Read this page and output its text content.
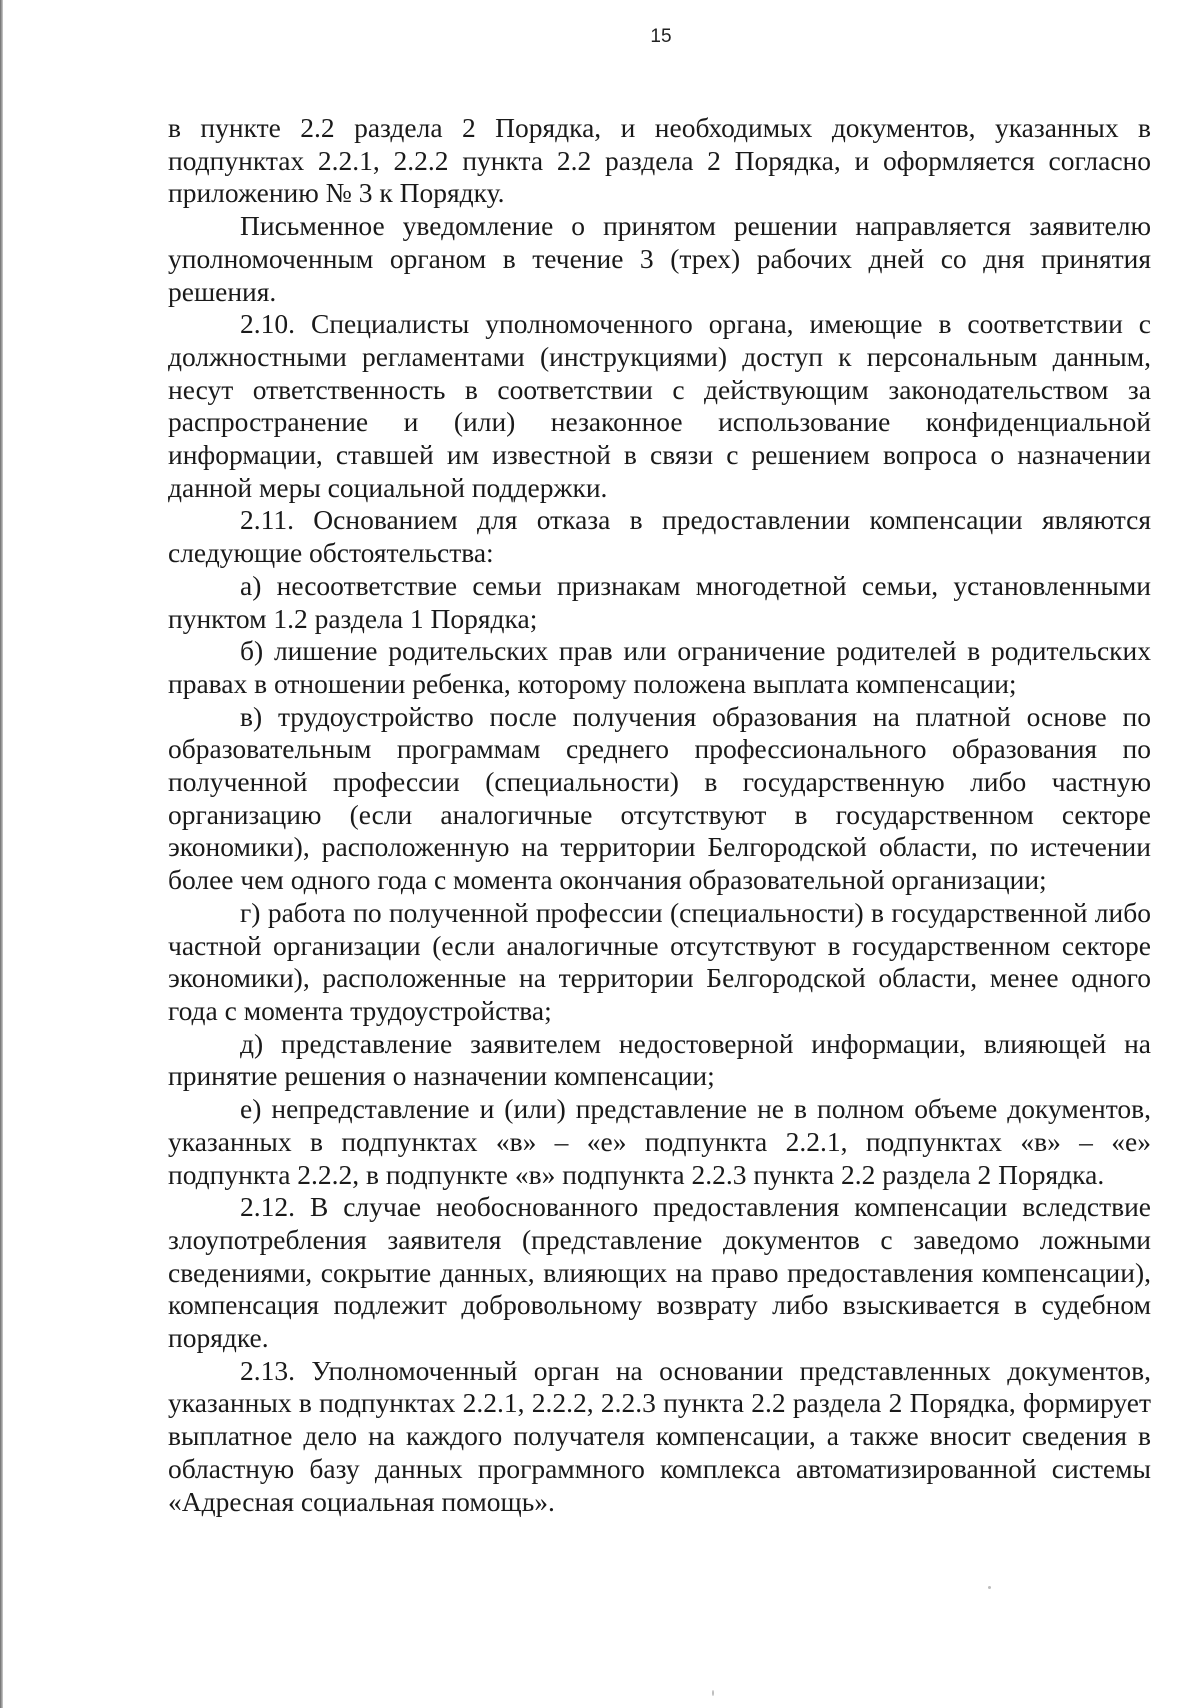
15

в пункте 2.2 раздела 2 Порядка, и необходимых документов, указанных в подпунктах 2.2.1, 2.2.2 пункта 2.2 раздела 2 Порядка, и оформляется согласно приложению № 3 к Порядку.

Письменное уведомление о принятом решении направляется заявителю уполномоченным органом в течение 3 (трех) рабочих дней со дня принятия решения.

2.10. Специалисты уполномоченного органа, имеющие в соответствии с должностными регламентами (инструкциями) доступ к персональным данным, несут ответственность в соответствии с действующим законодательством за распространение и (или) незаконное использование конфиденциальной информации, ставшей им известной в связи с решением вопроса о назначении данной меры социальной поддержки.

2.11. Основанием для отказа в предоставлении компенсации являются следующие обстоятельства:

а) несоответствие семьи признакам многодетной семьи, установленными пунктом 1.2 раздела 1 Порядка;

б) лишение родительских прав или ограничение родителей в родительских правах в отношении ребенка, которому положена выплата компенсации;

в) трудоустройство после получения образования на платной основе по образовательным программам среднего профессионального образования по полученной профессии (специальности) в государственную либо частную организацию (если аналогичные отсутствуют в государственном секторе экономики), расположенную на территории Белгородской области, по истечении более чем одного года с момента окончания образовательной организации;

г) работа по полученной профессии (специальности) в государственной либо частной организации (если аналогичные отсутствуют в государственном секторе экономики), расположенные на территории Белгородской области, менее одного года с момента трудоустройства;

д) представление заявителем недостоверной информации, влияющей на принятие решения о назначении компенсации;

е) непредставление и (или) представление не в полном объеме документов, указанных в подпунктах «в» – «е» подпункта 2.2.1, подпунктах «в» – «е» подпункта 2.2.2, в подпункте «в» подпункта 2.2.3 пункта 2.2 раздела 2 Порядка.

2.12. В случае необоснованного предоставления компенсации вследствие злоупотребления заявителя (представление документов с заведомо ложными сведениями, сокрытие данных, влияющих на право предоставления компенсации), компенсация подлежит добровольному возврату либо взыскивается в судебном порядке.

2.13. Уполномоченный орган на основании представленных документов, указанных в подпунктах 2.2.1, 2.2.2, 2.2.3 пункта 2.2 раздела 2 Порядка, формирует выплатное дело на каждого получателя компенсации, а также вносит сведения в областную базу данных программного комплекса автоматизированной системы «Адресная социальная помощь».
